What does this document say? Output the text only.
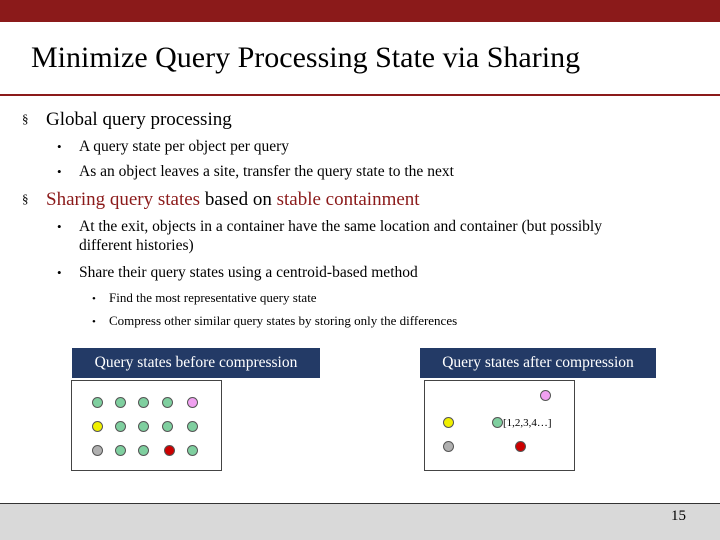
Minimize Query Processing State via Sharing
§ Global query processing
• A query state per object per query
• As an object leaves a site, transfer the query state to the next
§ Sharing query states based on stable containment
• At the exit, objects in a container have the same location and container (but possibly
different histories)
• Share their query states using a centroid-based method
• Find the most representative query state
• Compress other similar query states by storing only the differences
Query states before compression	Query states after compression
[1,2,3,4…]
15
